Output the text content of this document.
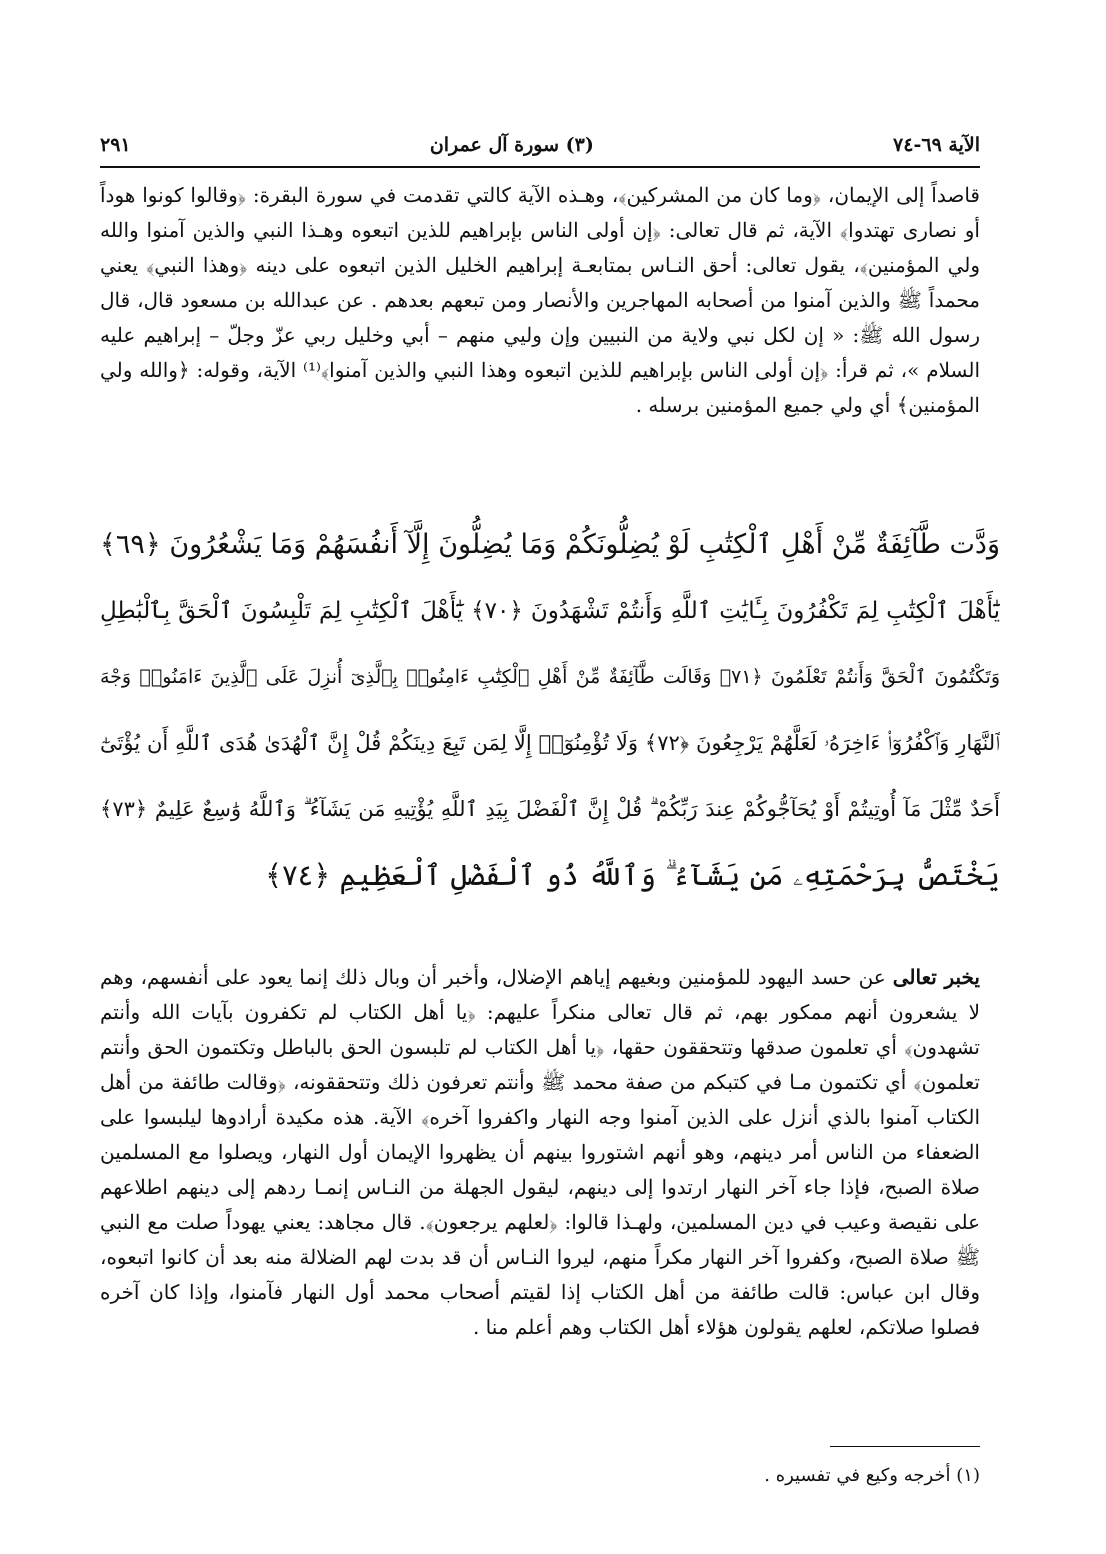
الآية ٦٩-٧٤
(٣) سورة آل عمران
٢٩١

قاصداً إلى الإيمان، ﴿وما كان من المشركين﴾، وهـذه الآية كالتي تقدمت في سورة البقرة: ﴿وقالوا كونوا هوداً أو نصارى تهتدوا﴾ الآية، ثم قال تعالى: ﴿إن أولى الناس بإبراهيم للذين اتبعوه وهـذا النبي والذين آمنوا والله ولي المؤمنين﴾، يقول تعالى: أحق النـاس بمتابعـة إبراهيم الخليل الذين اتبعوه على دينه ﴿وهذا النبي﴾ يعني محمداً ﷺ والذين آمنوا من أصحابه المهاجرين والأنصار ومن تبعهم بعدهم . عن عبدالله بن مسعود قال، قال رسول الله ﷺ: « إن لكل نبي ولاية من النبيين وإن وليي منهم – أبي وخليل ربي عزّ وجلّ – إبراهيم عليه السلام »، ثم قرأ: ﴿إن أولى الناس بإبراهيم للذين اتبعوه وهذا النبي والذين آمنوا﴾⁽¹⁾ الآية، وقوله: ﴿والله ولي المؤمنين﴾ أي ولي جميع المؤمنين برسله .

وَدَّت طَّآئِفَةٌ مِّنْ أَهْلِ ٱلْكِتَٰبِ لَوْ يُضِلُّونَكُمْ وَمَا يُضِلُّونَ إِلَّآ أَنفُسَهُمْ وَمَا يَشْعُرُونَ ﴿٦٩﴾
يَٰٓأَهْلَ ٱلْكِتَٰبِ لِمَ تَكْفُرُونَ بِـَٔايَٰتِ ٱللَّهِ وَأَنتُمْ تَشْهَدُونَ ﴿٧٠﴾ يَٰٓأَهْلَ ٱلْكِتَٰبِ لِمَ تَلْبِسُونَ ٱلْحَقَّ بِٱلْبَٰطِلِ
وَتَكْتُمُونَ ٱلْحَقَّ وَأَنتُمْ تَعْلَمُونَ ﴿٧١﴾ وَقَالَت طَّآئِفَةٌ مِّنْ أَهْلِ ٱلْكِتَٰبِ ءَامِنُوا۟ بِٱلَّذِىٓ أُنزِلَ عَلَى ٱلَّذِينَ ءَامَنُوا۟ وَجْهَ
ٱلنَّهَارِ وَٱكْفُرُوٓا۟ ءَاخِرَهُۥ لَعَلَّهُمْ يَرْجِعُونَ ﴿٧٢﴾ وَلَا تُؤْمِنُوٓا۟ إِلَّا لِمَن تَبِعَ دِينَكُمْ قُلْ إِنَّ ٱلْهُدَىٰ هُدَى ٱللَّهِ أَن يُؤْتَىٰٓ
أَحَدٌ مِّثْلَ مَآ أُوتِيتُمْ أَوْ يُحَآجُّوكُمْ عِندَ رَبِّكُمْ ۗ قُلْ إِنَّ ٱلْفَضْلَ بِيَدِ ٱللَّهِ يُؤْتِيهِ مَن يَشَآءُ ۗ وَٱللَّهُ وَٰسِعٌ عَلِيمٌ ﴿٧٣﴾
يَخْتَصُّ بِرَحْمَتِهِۦ مَن يَشَآءُ ۗ وَٱللَّهُ ذُو ٱلْفَضْلِ ٱلْعَظِيمِ ﴿٧٤﴾

يخبر تعالى عن حسد اليهود للمؤمنين وبغيهم إياهم الإضلال، وأخبر أن وبال ذلك إنما يعود على أنفسهم، وهم لا يشعرون أنهم ممكور بهم، ثم قال تعالى منكراً عليهم: ﴿يا أهل الكتاب لم تكفرون بآيات الله وأنتم تشهدون﴾ أي تعلمون صدقها وتتحققون حقها، ﴿يا أهل الكتاب لم تلبسون الحق بالباطل وتكتمون الحق وأنتم تعلمون﴾ أي تكتمون مـا في كتبكم من صفة محمد ﷺ وأنتم تعرفون ذلك وتتحققونه، ﴿وقالت طائفة من أهل الكتاب آمنوا بالذي أنزل على الذين آمنوا وجه النهار واكفروا آخره﴾ الآية. هذه مكيدة أرادوها ليلبسوا على الضعفاء من الناس أمر دينهم، وهو أنهم اشتوروا بينهم أن يظهروا الإيمان أول النهار، ويصلوا مع المسلمين صلاة الصبح، فإذا جاء آخر النهار ارتدوا إلى دينهم، ليقول الجهلة من النـاس إنمـا ردهم إلى دينهم اطلاعهم على نقيصة وعيب في دين المسلمين، ولهـذا قالوا: ﴿لعلهم يرجعون﴾. قال مجاهد: يعني يهوداً صلت مع النبي ﷺ صلاة الصبح، وكفروا آخر النهار مكراً منهم، ليروا النـاس أن قد بدت لهم الضلالة منه بعد أن كانوا اتبعوه، وقال ابن عباس: قالت طائفة من أهل الكتاب إذا لقيتم أصحاب محمد أول النهار فآمنوا، وإذا كان آخره فصلوا صلاتكم، لعلهم يقولون هؤلاء أهل الكتاب وهم أعلم منا .

(١) أخرجه وكيع في تفسيره .
